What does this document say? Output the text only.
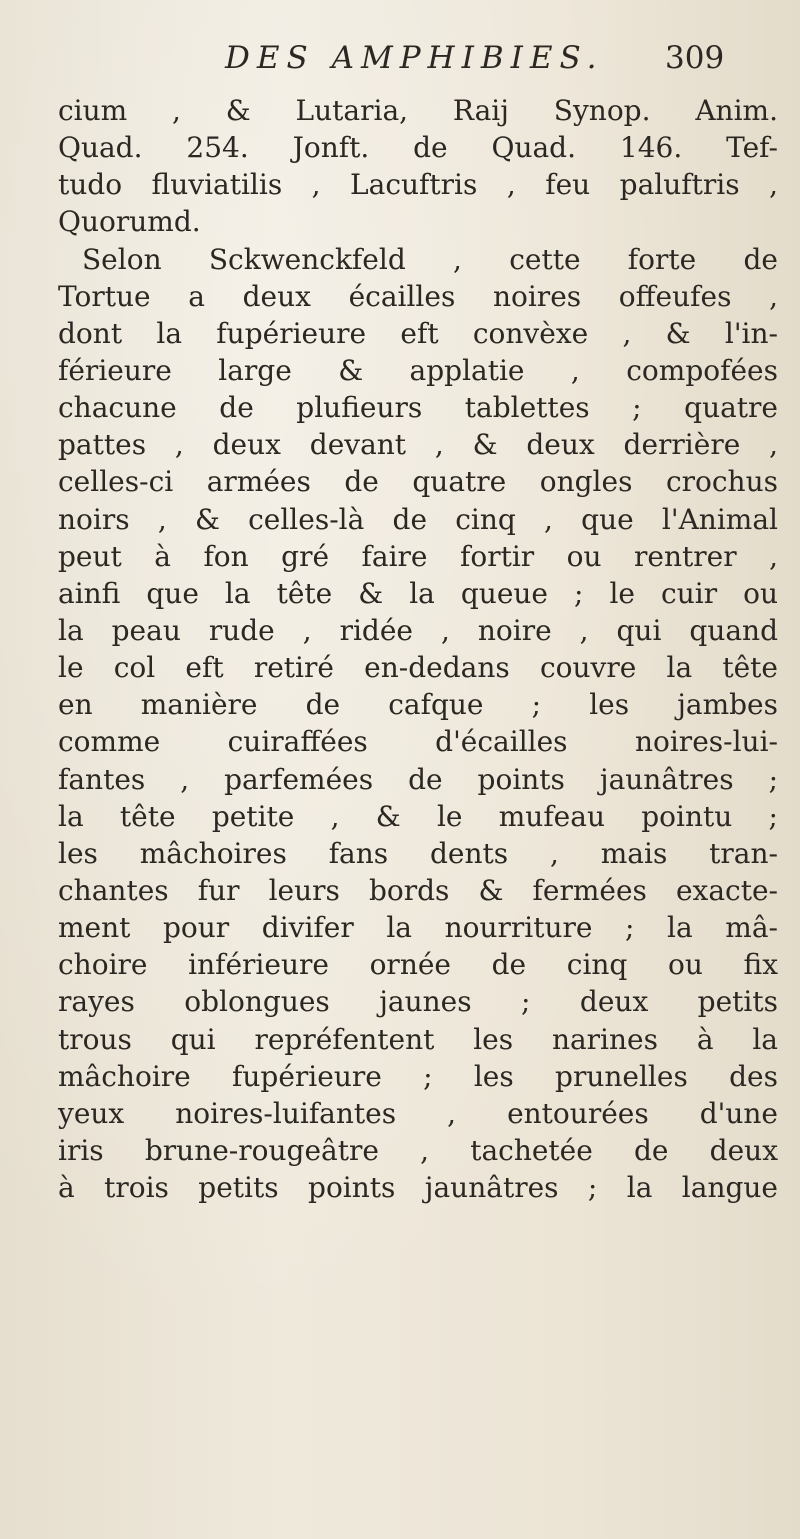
DES AMPHIBIES. 309
cium , & Lutaria, Raij Synop. Anim.
Quad. 254. Jonft. de Quad. 146. Tef-
tudo fluviatilis , Lacuftris , feu paluftris ,
Quorumd.
Selon Sckwenckfeld , cette forte de
Tortue a deux écailles noires offeufes ,
dont la fupérieure eft convèxe , & l'in-
férieure large & applatie , compofées
chacune de plufieurs tablettes ; quatre
pattes , deux devant , & deux derrière ,
celles-ci armées de quatre ongles crochus
noirs , & celles-là de cinq , que l'Animal
peut à fon gré faire fortir ou rentrer ,
ainfi que la tête & la queue ; le cuir ou
la peau rude , ridée , noire , qui quand
le col eft retiré en-dedans couvre la tête
en manière de cafque ; les jambes
comme cuiraffées d'écailles noires-lui-
fantes , parfemées de points jaunâtres ;
la tête petite , & le mufeau pointu ;
les mâchoires fans dents , mais tran-
chantes fur leurs bords & fermées exacte-
ment pour divifer la nourriture ; la mâ-
choire inférieure ornée de cinq ou fix
rayes oblongues jaunes ; deux petits
trous qui repréfentent les narines à la
mâchoire fupérieure ; les prunelles des
yeux noires-luifantes , entourées d'une
iris brune-rougeâtre , tachetée de deux
à trois petits points jaunâtres ; la langue
